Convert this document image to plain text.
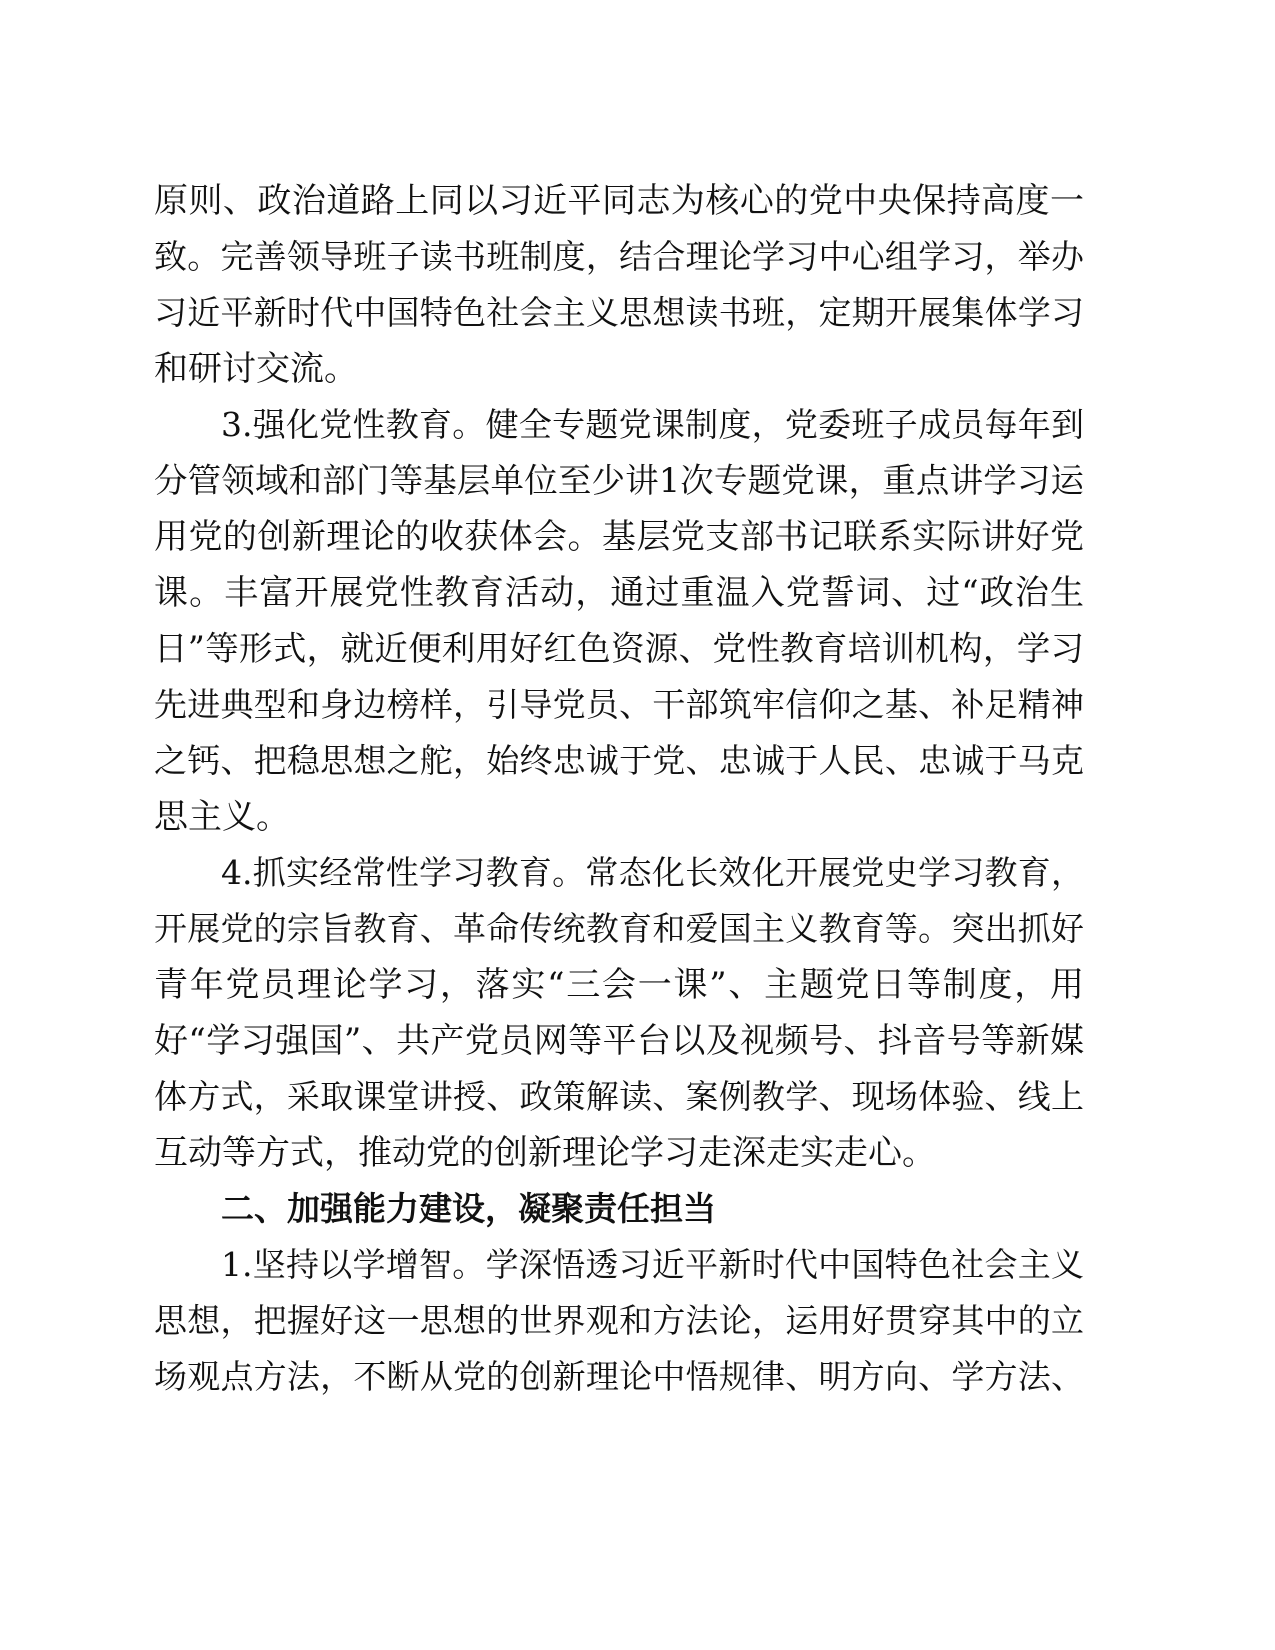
原则、政治道路上同以习近平同志为核心的党中央保持高度一
致。完善领导班子读书班制度，结合理论学习中心组学习，举办
习近平新时代中国特色社会主义思想读书班，定期开展集体学习
和研讨交流。
3.强化党性教育。健全专题党课制度，党委班子成员每年到
分管领域和部门等基层单位至少讲1次专题党课，重点讲学习运
用党的创新理论的收获体会。基层党支部书记联系实际讲好党
课。丰富开展党性教育活动，通过重温入党誓词、过“政治生
日”等形式，就近便利用好红色资源、党性教育培训机构，学习
先进典型和身边榜样，引导党员、干部筑牢信仰之基、补足精神
之钙、把稳思想之舵，始终忠诚于党、忠诚于人民、忠诚于马克
思主义。
4.抓实经常性学习教育。常态化长效化开展党史学习教育，
开展党的宗旨教育、革命传统教育和爱国主义教育等。突出抓好
青年党员理论学习，落实“三会一课”、主题党日等制度，用
好“学习强国”、共产党员网等平台以及视频号、抖音号等新媒
体方式，采取课堂讲授、政策解读、案例教学、现场体验、线上
互动等方式，推动党的创新理论学习走深走实走心。
二、加强能力建设，凝聚责任担当
1.坚持以学增智。学深悟透习近平新时代中国特色社会主义
思想，把握好这一思想的世界观和方法论，运用好贯穿其中的立
场观点方法，不断从党的创新理论中悟规律、明方向、学方法、
